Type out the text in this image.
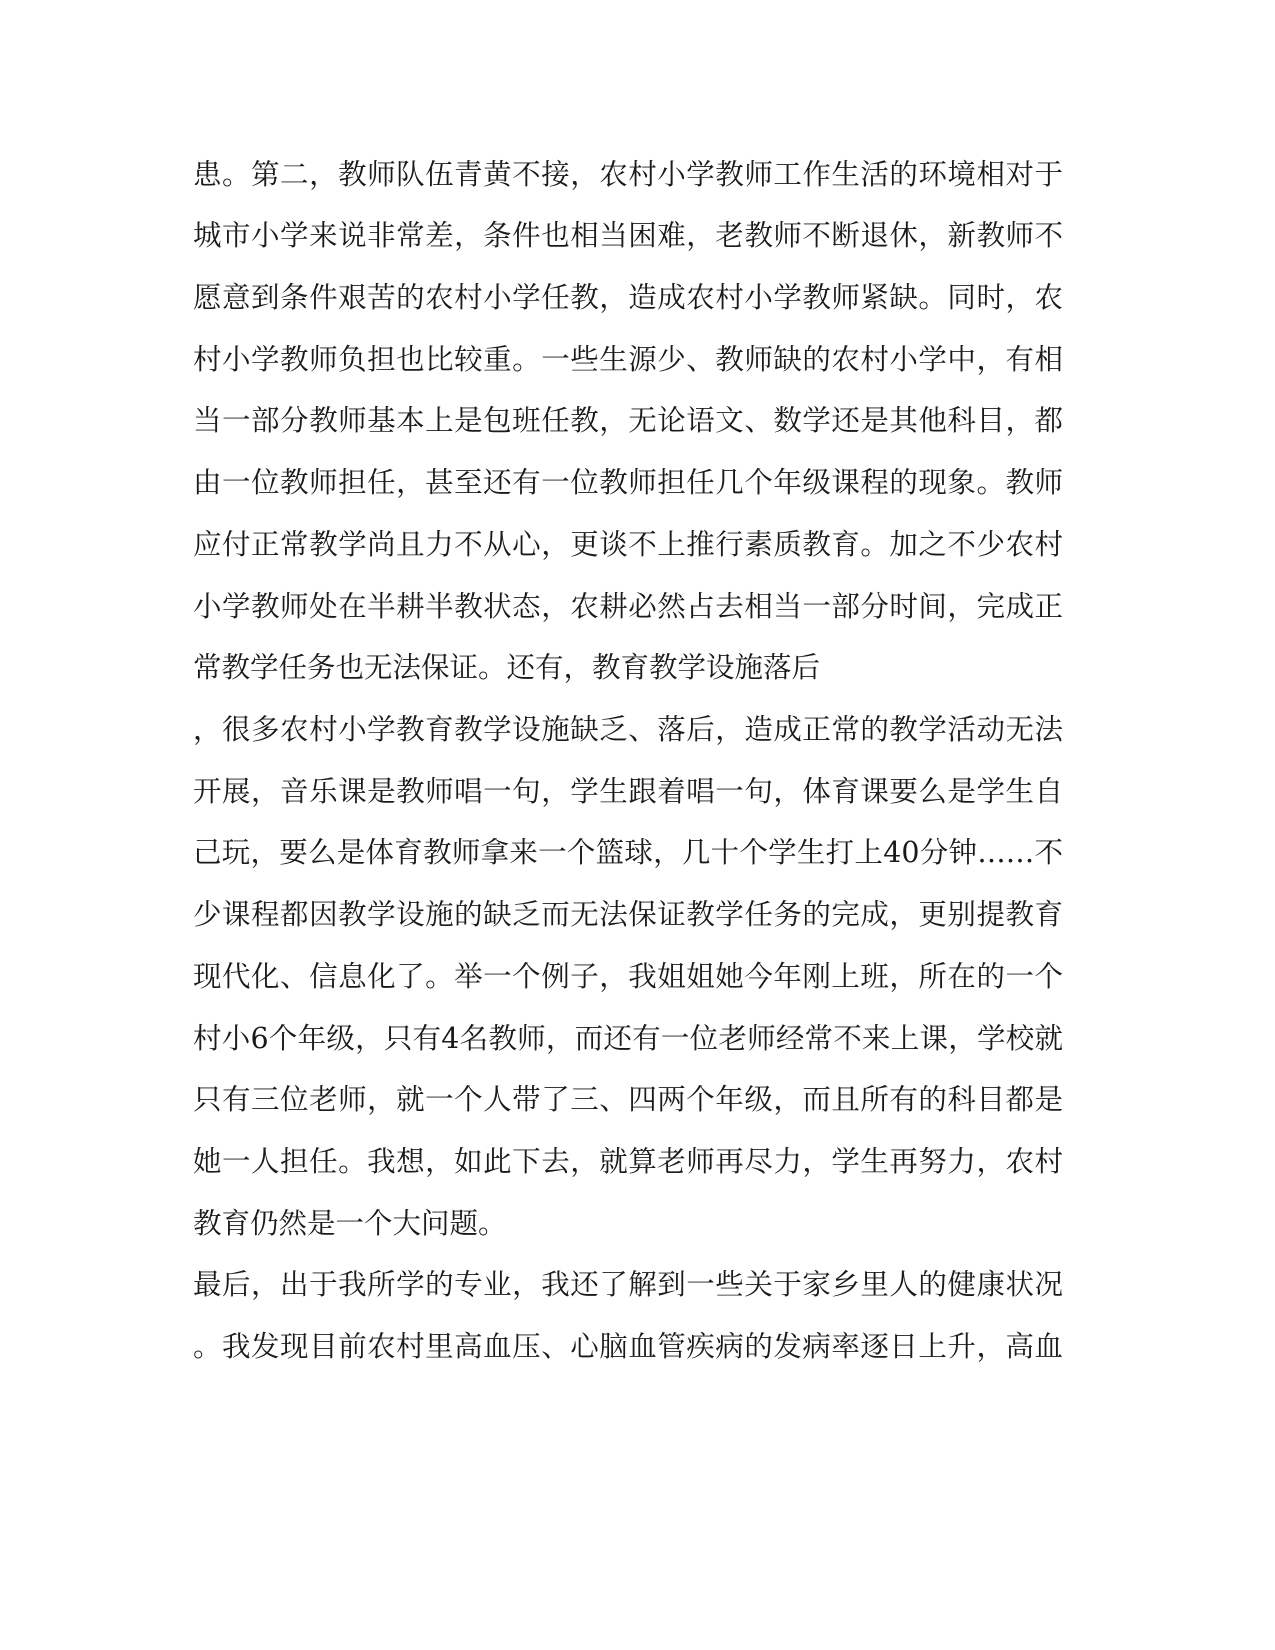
患。第二，教师队伍青黄不接，农村小学教师工作生活的环境相对于
城市小学来说非常差，条件也相当困难，老教师不断退休，新教师不
愿意到条件艰苦的农村小学任教，造成农村小学教师紧缺。同时，农
村小学教师负担也比较重。一些生源少、教师缺的农村小学中，有相
当一部分教师基本上是包班任教，无论语文、数学还是其他科目，都
由一位教师担任，甚至还有一位教师担任几个年级课程的现象。教师
应付正常教学尚且力不从心，更谈不上推行素质教育。加之不少农村
小学教师处在半耕半教状态，农耕必然占去相当一部分时间，完成正
常教学任务也无法保证。还有，教育教学设施落后
，很多农村小学教育教学设施缺乏、落后，造成正常的教学活动无法
开展，音乐课是教师唱一句，学生跟着唱一句，体育课要么是学生自
己玩，要么是体育教师拿来一个篮球，几十个学生打上40分钟……不
少课程都因教学设施的缺乏而无法保证教学任务的完成，更别提教育
现代化、信息化了。举一个例子，我姐姐她今年刚上班，所在的一个
村小6个年级，只有4名教师，而还有一位老师经常不来上课，学校就
只有三位老师，就一个人带了三、四两个年级，而且所有的科目都是
她一人担任。我想，如此下去，就算老师再尽力，学生再努力，农村
教育仍然是一个大问题。
最后，出于我所学的专业，我还了解到一些关于家乡里人的健康状况
。我发现目前农村里高血压、心脑血管疾病的发病率逐日上升，高血
